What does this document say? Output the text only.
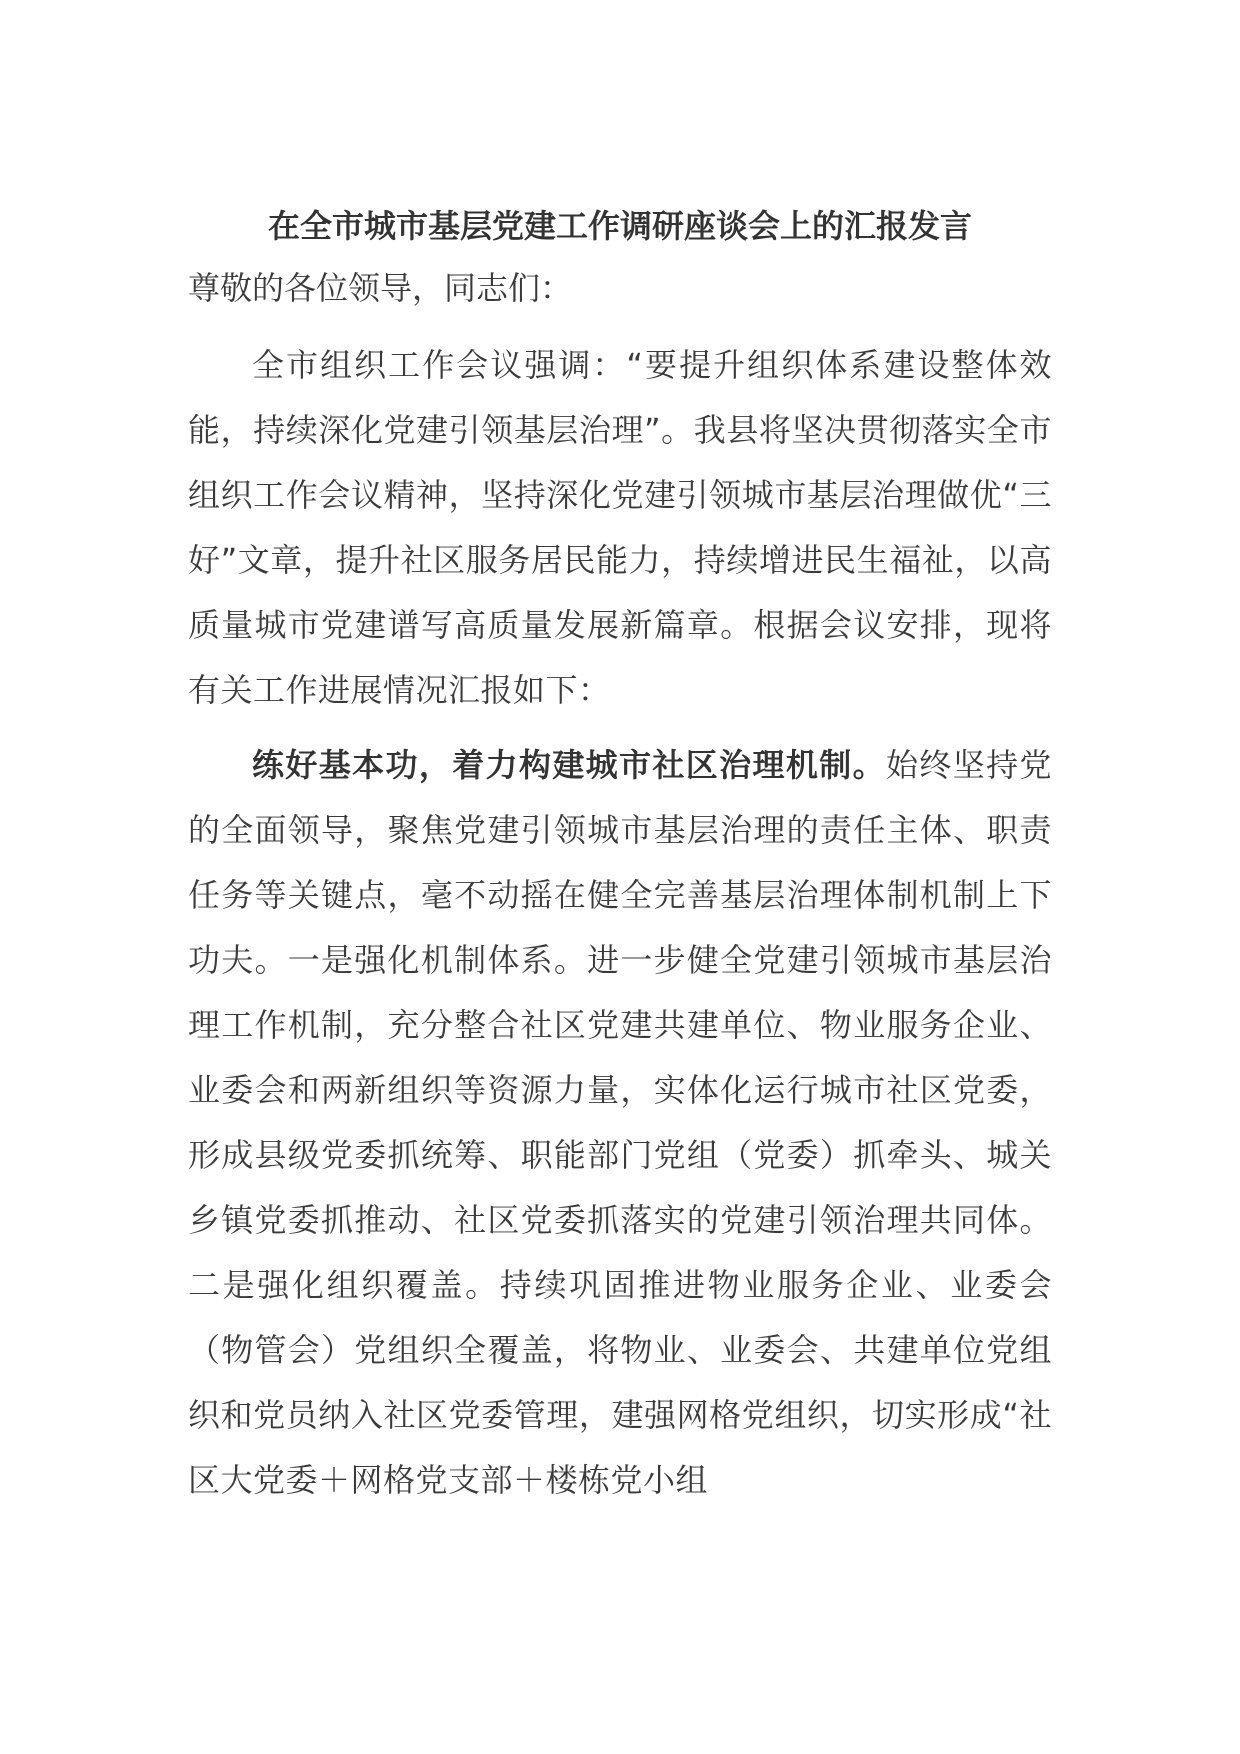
在全市城市基层党建工作调研座谈会上的汇报发言

尊敬的各位领导，同志们：

全市组织工作会议强调：“要提升组织体系建设整体效能，持续深化党建引领基层治理”。我县将坚决贯彻落实全市组织工作会议精神，坚持深化党建引领城市基层治理做优“三好”文章，提升社区服务居民能力，持续增进民生福祉，以高质量城市党建谱写高质量发展新篇章。根据会议安排，现将有关工作进展情况汇报如下：

练好基本功，着力构建城市社区治理机制。始终坚持党的全面领导，聚焦党建引领城市基层治理的责任主体、职责任务等关键点，毫不动摇在健全完善基层治理体制机制上下功夫。一是强化机制体系。进一步健全党建引领城市基层治理工作机制，充分整合社区党建共建单位、物业服务企业、业委会和两新组织等资源力量，实体化运行城市社区党委，形成县级党委抓统筹、职能部门党组（党委）抓牵头、城关乡镇党委抓推动、社区党委抓落实的党建引领治理共同体。二是强化组织覆盖。持续巩固推进物业服务企业、业委会（物管会）党组织全覆盖，将物业、业委会、共建单位党组织和党员纳入社区党委管理，建强网格党组织，切实形成“社区大党委＋网格党支部＋楼栋党小组
